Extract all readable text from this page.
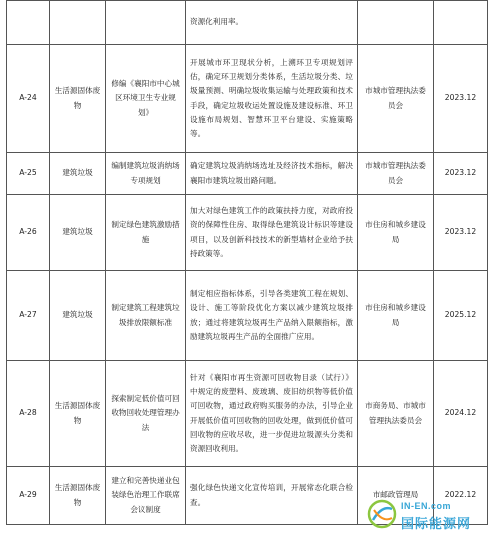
			资源化利用率。		
A-24	生活源固体废物	修编《襄阳市中心城区环境卫生专业规划》	开展城市环卫现状分析，上溯环卫专项规划评估，确定环卫规划分类体系，生活垃圾分类、垃圾量预测、明确垃圾收集运输与处理政策和技术手段，确定垃圾收运处置设施及建设标准、环卫设施布局规划、智慧环卫平台建设、实施策略等。	市城市管理执法委员会	2023.12
A-25	建筑垃圾	编制建筑垃圾消纳场专项规划	确定建筑垃圾消纳场选址及经济技术指标，解决襄阳市建筑垃圾出路问题。	市城市管理执法委员会	2023.12
A-26	建筑垃圾	制定绿色建筑激励措施	加大对绿色建筑工作的政策扶持力度，对政府投资的保障性住房、取得绿色建筑设计标识等建设项目，以及创新科技技术的新型墙材企业给予扶持政策等。	市住房和城乡建设局	2023.12
A-27	建筑垃圾	制定建筑工程建筑垃圾排放限额标准	制定相应指标体系，引导各类建筑工程在规划、设计、施工等阶段优化方案以减少建筑垃圾排放；通过将建筑垃圾再生产品纳入限额指标，激励建筑垃圾再生产品的全面推广应用。	市住房和城乡建设局	2025.12
A-28	生活源固体废物	探索制定低价值可回收物回收处理管理办法	针对《襄阳市再生资源可回收物目录（试行）》中规定的废塑料、废玻璃、废旧纺织物等低价值可回收物，通过政府购买服务的办法，引导企业开展低价值可回收物的回收处理，做到低价值可回收物的应收尽收，进一步促进垃圾源头分类和资源回收利用。	市商务局、市城市管理执法委员会	2024.12
A-29	生活源固体废物	建立和完善快递业包装绿色治理工作联席会议制度	强化绿色快递文化宣传培训，开展常态化联合检查。	市邮政管理局	2022.12
IN-EN.com
国际能源网
